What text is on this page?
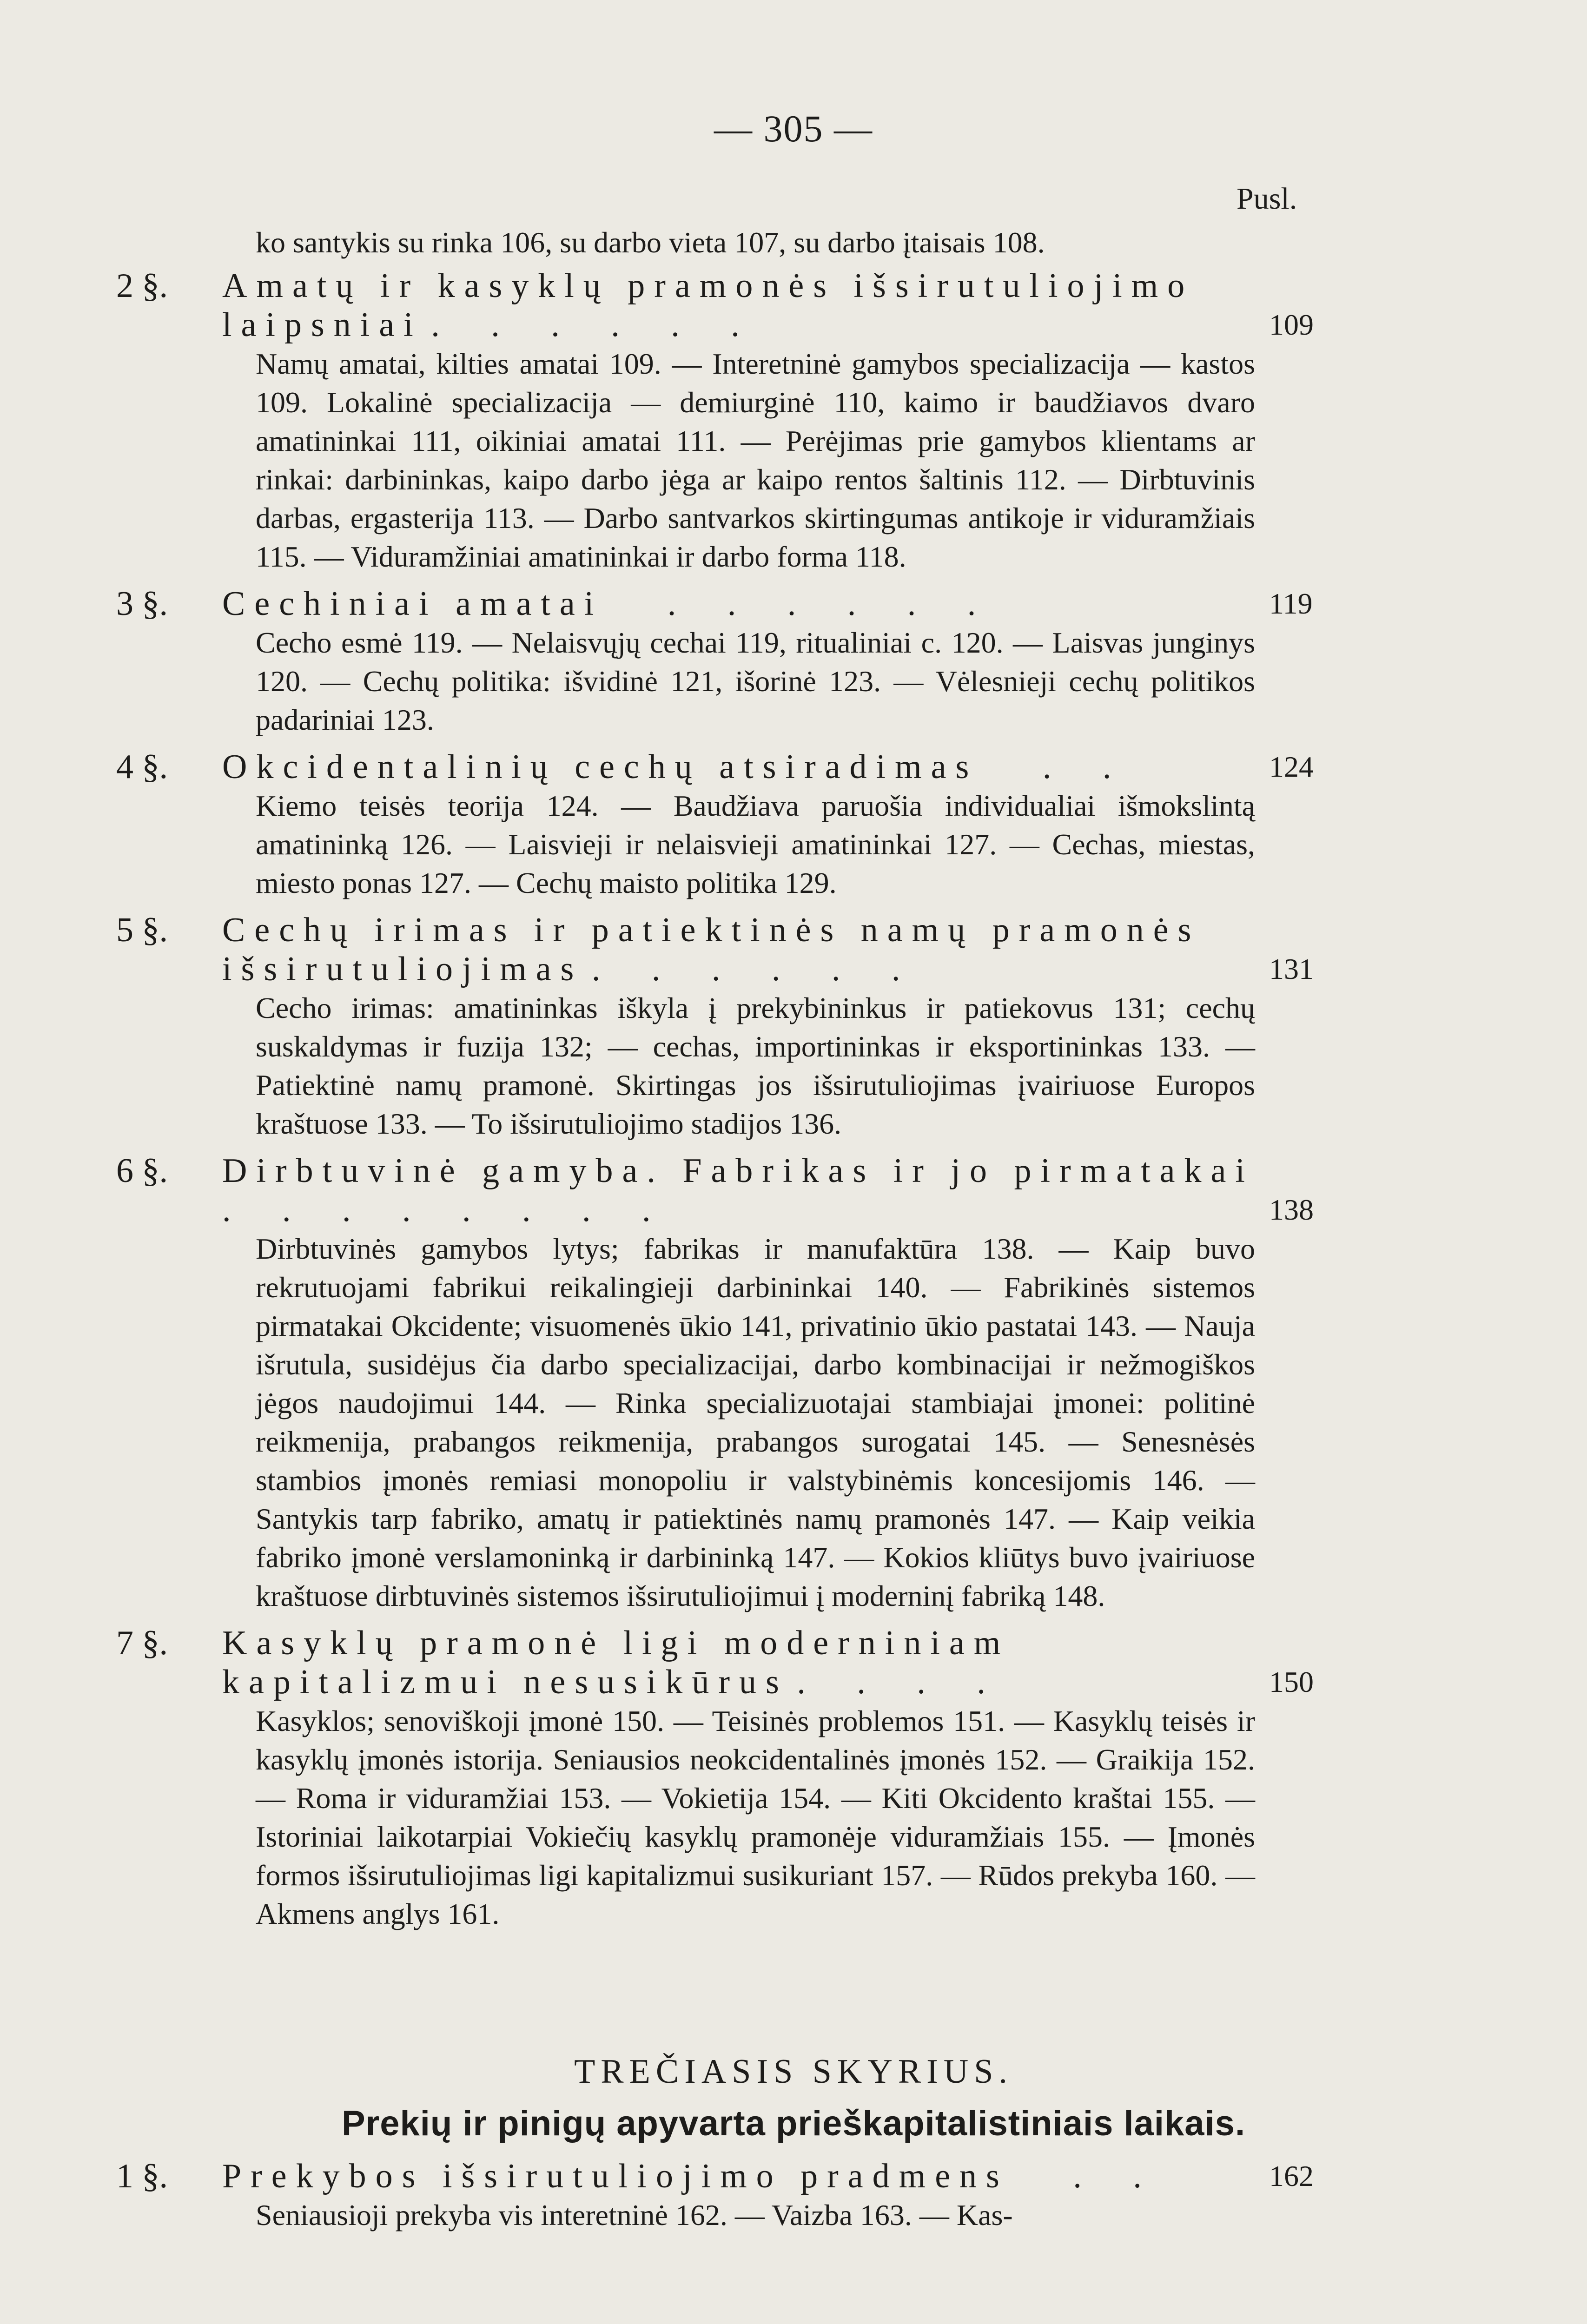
— 305 —
Pusl.
ko santykis su rinka 106, su darbo vieta 107, su darbo įtaisais 108.
2 §. Amatų ir kasyklų pramonės išsirutuliojimo laipsniai . . . . . .	109
Namų amatai, kilties amatai 109. — Interetninė gamybos specializacija — kastos 109. Lokalinė specializacija — demiurginė 110, kaimo ir baudžiavos dvaro amatininkai 111, oikiniai amatai 111. — Perėjimas prie gamybos klientams ar rinkai: darbininkas, kaipo darbo jėga ar kaipo rentos šaltinis 112. — Dirbtuvinis darbas, ergasterija 113. — Darbo santvarkos skirtingumas antikoje ir viduramžiais 115. — Viduramžiniai amatininkai ir darbo forma 118.
3 §. Cechiniai amatai . . . . . .	119
Cecho esmė 119. — Nelaisvųjų cechai 119, ritualiniai c. 120. — Laisvas junginys 120. — Cechų politika: išvidinė 121, išorinė 123. — Vėlesnieji cechų politikos padariniai 123.
4 §. Okcidentalinių cechų atsiradimas . .	124
Kiemo teisės teorija 124. — Baudžiava paruošia individualiai išmokslintą amatininką 126. — Laisvieji ir nelaisvieji amatininkai 127. — Cechas, miestas, miesto ponas 127. — Cechų maisto politika 129.
5 §. Cechų irimas ir patiektinės namų pramonės išsirutuliojimas . . . . . .	131
Cecho irimas: amatininkas iškyla į prekybininkus ir patiekovus 131; cechų suskaldymas ir fuzija 132; — cechas, importininkas ir eksportininkas 133. — Patiektinė namų pramonė. Skirtingas jos išsirutuliojimas įvairiuose Europos kraštuose 133. — To išsirutuliojimo stadijos 136.
6 §. Dirbtuvinė gamyba. Fabrikas ir jo pirmatakai . . . . . . . .	138
Dirbtuvinės gamybos lytys; fabrikas ir manufaktūra 138. — Kaip buvo rekrutuojami fabrikui reikalingieji darbininkai 140. — Fabrikinės sistemos pirmatakai Okcidente; visuomenės ūkio 141, privatinio ūkio pastatai 143. — Nauja išrutula, susidėjus čia darbo specializacijai, darbo kombinacijai ir nežmogiškos jėgos naudojimui 144. — Rinka specializuotajai stambiajai įmonei: politinė reikmenija, prabangos reikmenija, prabangos surogatai 145. — Senesnėsės stambios įmonės remiasi monopoliu ir valstybinėmis koncesijomis 146. — Santykis tarp fabriko, amatų ir patiektinės namų pramonės 147. — Kaip veikia fabriko įmonė verslamoninką ir darbininką 147. — Kokios kliūtys buvo įvairiuose kraštuose dirbtuvinės sistemos išsirutuliojimui į moderninį fabriką 148.
7 §. Kasyklų pramonė ligi moderniniam kapitalizmui nesusikūrus . . . .	150
Kasyklos; senoviškoji įmonė 150. — Teisinės problemos 151. — Kasyklų teisės ir kasyklų įmonės istorija. Seniausios neokcidentalinės įmonės 152. — Graikija 152. — Roma ir viduramžiai 153. — Vokietija 154. — Kiti Okcidento kraštai 155. — Istoriniai laikotarpiai Vokiečių kasyklų pramonėje viduramžiais 155. — Įmonės formos išsirutuliojimas ligi kapitalizmui susikuriant 157. — Rūdos prekyba 160. — Akmens anglys 161.
TREČIASIS SKYRIUS.
Prekių ir pinigų apyvarta prieškapitalistiniais laikais.
1 §. Prekybos išsirutuliojimo pradmens . .	162
Seniausioji prekyba vis interetninė 162. — Vaizba 163. — Kas-
